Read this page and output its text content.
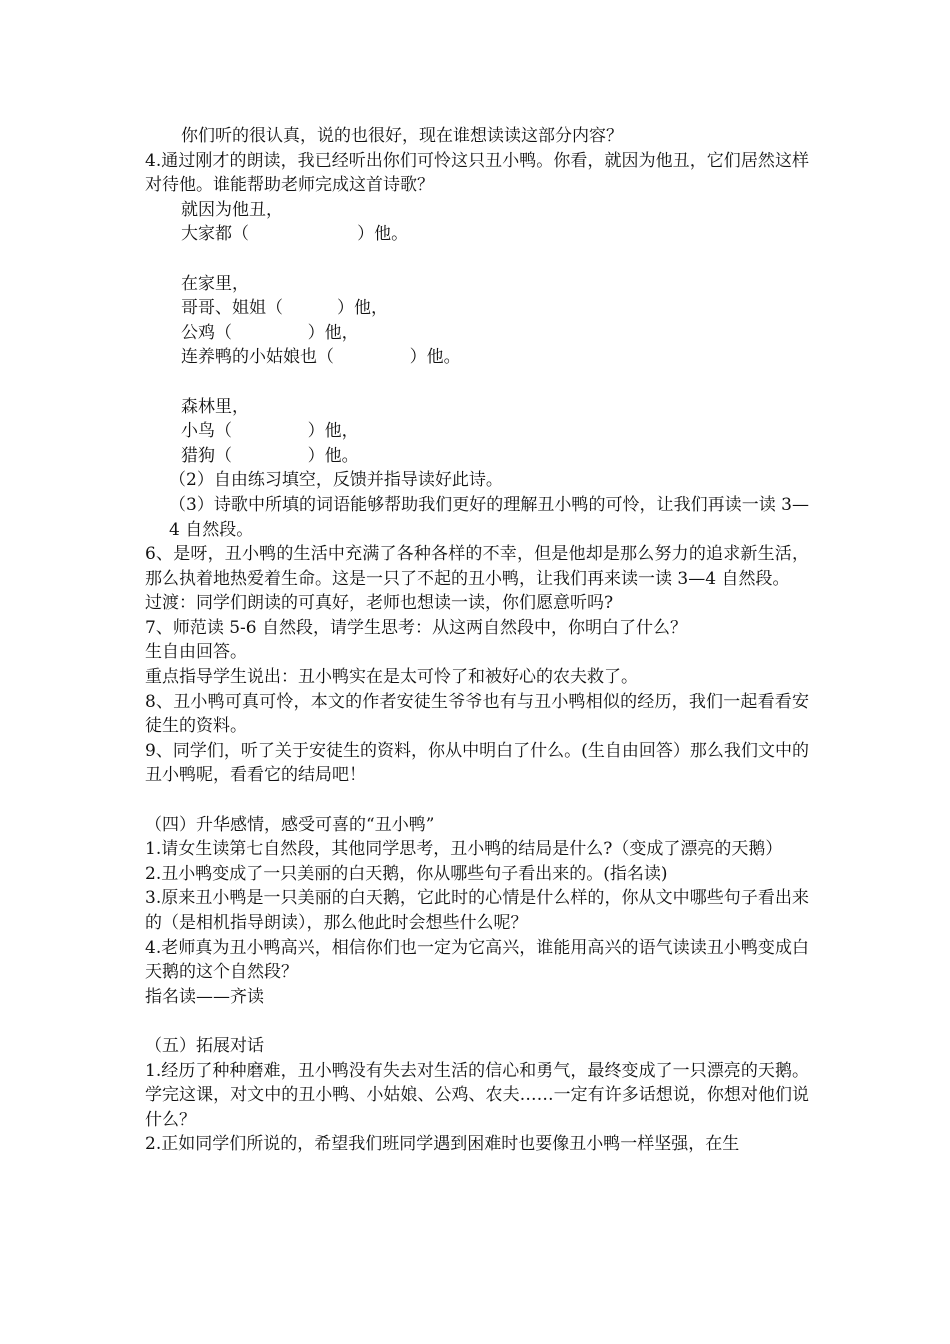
你们听的很认真，说的也很好，现在谁想读读这部分内容？

4.通过刚才的朗读，我已经听出你们可怜这只丑小鸭。你看，就因为他丑，它们居然这样对待他。谁能帮助老师完成这首诗歌？

就因为他丑，

大家都（                    ）他。

在家里，

哥哥、姐姐（          ）他，

公鸡（              ）他，

连养鸭的小姑娘也（              ）他。

森林里，

小鸟（              ）他，

猎狗（              ）他。

（2）自由练习填空，反馈并指导读好此诗。

（3）诗歌中所填的词语能够帮助我们更好的理解丑小鸭的可怜，让我们再读一读 3—4 自然段。

6、是呀，丑小鸭的生活中充满了各种各样的不幸，但是他却是那么努力的追求新生活，那么执着地热爱着生命。这是一只了不起的丑小鸭，让我们再来读一读 3—4 自然段。

过渡：同学们朗读的可真好，老师也想读一读，你们愿意听吗?

7、师范读 5-6 自然段，请学生思考：从这两自然段中，你明白了什么？

生自由回答。

重点指导学生说出：丑小鸭实在是太可怜了和被好心的农夫救了。

8、丑小鸭可真可怜，本文的作者安徒生爷爷也有与丑小鸭相似的经历，我们一起看看安徒生的资料。

9、同学们，听了关于安徒生的资料，你从中明白了什么。(生自由回答）那么我们文中的丑小鸭呢，看看它的结局吧！

（四）升华感情，感受可喜的“丑小鸭”

1.请女生读第七自然段，其他同学思考，丑小鸭的结局是什么?（变成了漂亮的天鹅）

2.丑小鸭变成了一只美丽的白天鹅，你从哪些句子看出来的。(指名读)

3.原来丑小鸭是一只美丽的白天鹅，它此时的心情是什么样的，你从文中哪些句子看出来的（是相机指导朗读），那么他此时会想些什么呢？

4.老师真为丑小鸭高兴，相信你们也一定为它高兴，谁能用高兴的语气读读丑小鸭变成白天鹅的这个自然段？

指名读——齐读

（五）拓展对话

1.经历了种种磨难，丑小鸭没有失去对生活的信心和勇气，最终变成了一只漂亮的天鹅。学完这课，对文中的丑小鸭、小姑娘、公鸡、农夫……一定有许多话想说，你想对他们说什么？

2.正如同学们所说的，希望我们班同学遇到困难时也要像丑小鸭一样坚强，在生
